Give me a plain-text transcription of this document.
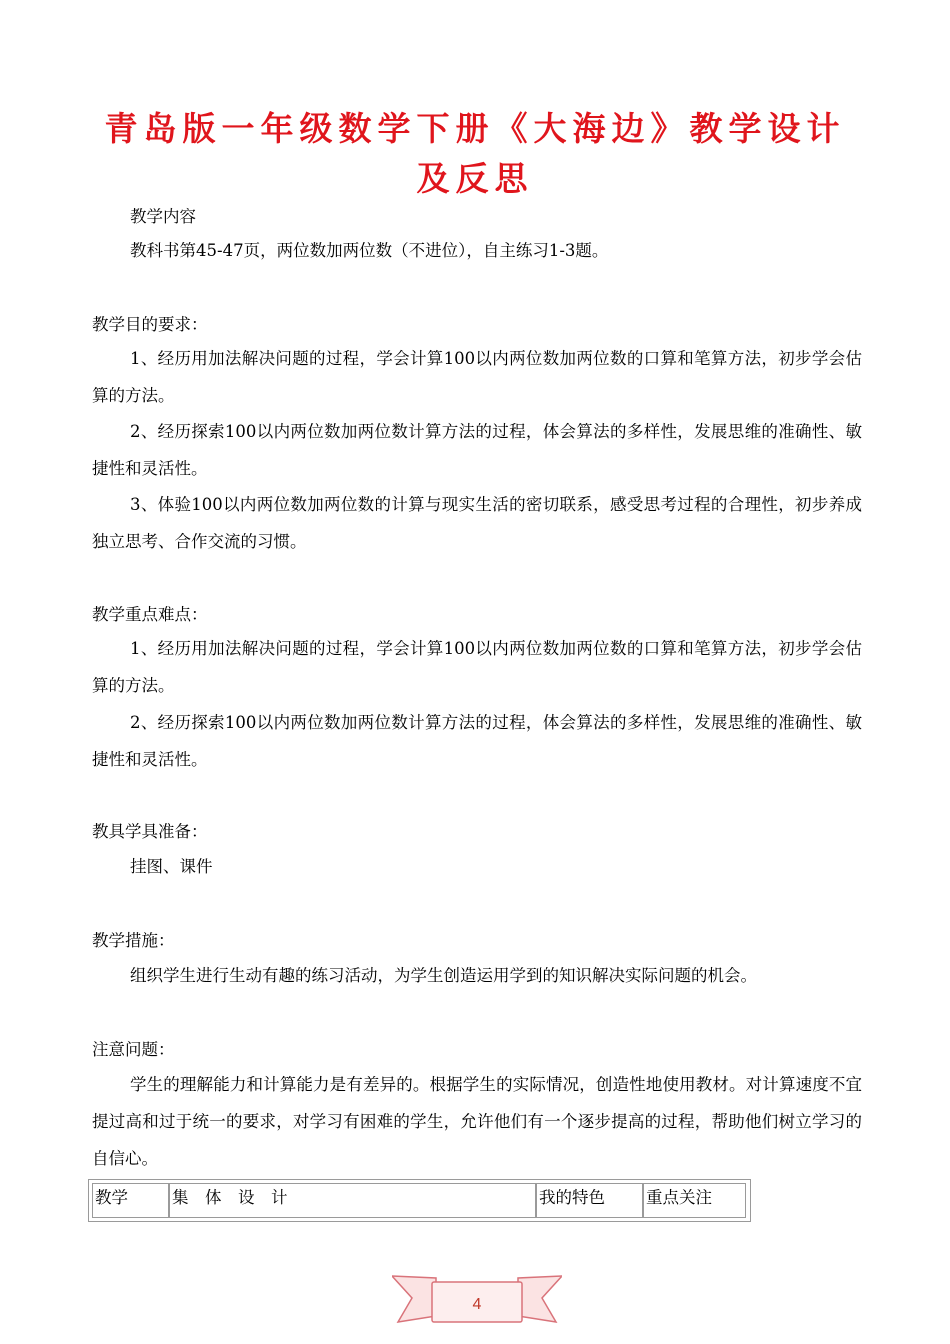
青岛版一年级数学下册《大海边》教学设计及反思

教学内容

教科书第45-47页，两位数加两位数（不进位），自主练习1-3题。

教学目的要求：

1、经历用加法解决问题的过程，学会计算100以内两位数加两位数的口算和笔算方法，初步学会估算的方法。

2、经历探索100以内两位数加两位数计算方法的过程，体会算法的多样性，发展思维的准确性、敏捷性和灵活性。

3、体验100以内两位数加两位数的计算与现实生活的密切联系，感受思考过程的合理性，初步养成独立思考、合作交流的习惯。

教学重点难点：

1、经历用加法解决问题的过程，学会计算100以内两位数加两位数的口算和笔算方法，初步学会估算的方法。

2、经历探索100以内两位数加两位数计算方法的过程，体会算法的多样性，发展思维的准确性、敏捷性和灵活性。

教具学具准备：

挂图、课件

教学措施：

组织学生进行生动有趣的练习活动，为学生创造运用学到的知识解决实际问题的机会。

注意问题：

学生的理解能力和计算能力是有差异的。根据学生的实际情况，创造性地使用教材。对计算速度不宜提过高和过于统一的要求，对学习有困难的学生，允许他们有一个逐步提高的过程，帮助他们树立学习的自信心。

教学	集　体　设　计	我的特色	重点关注
4
